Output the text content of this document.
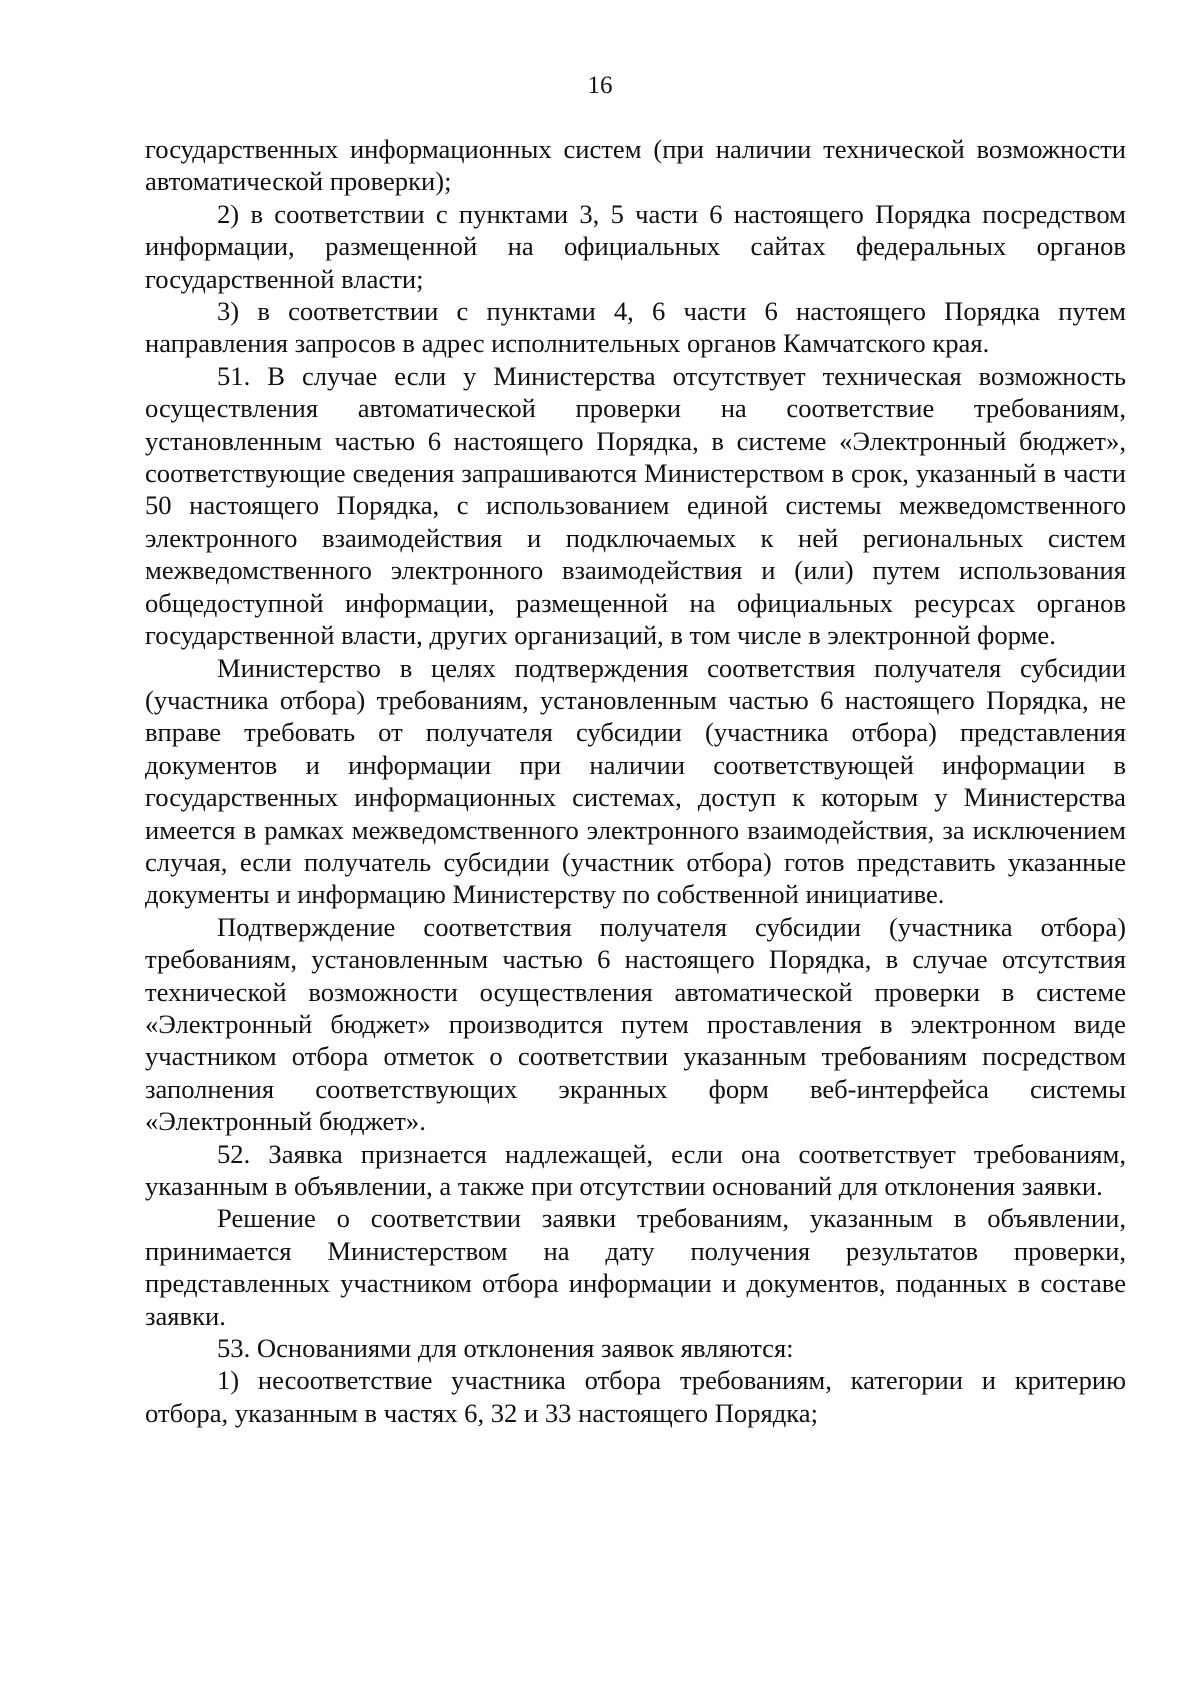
16

государственных информационных систем (при наличии технической возможности автоматической проверки);

2) в соответствии с пунктами 3, 5 части 6 настоящего Порядка посредством информации, размещенной на официальных сайтах федеральных органов государственной власти;

3) в соответствии с пунктами 4, 6 части 6 настоящего Порядка путем направления запросов в адрес исполнительных органов Камчатского края.

51. В случае если у Министерства отсутствует техническая возможность осуществления автоматической проверки на соответствие требованиям, установленным частью 6 настоящего Порядка, в системе «Электронный бюджет», соответствующие сведения запрашиваются Министерством в срок, указанный в части 50 настоящего Порядка, с использованием единой системы межведомственного электронного взаимодействия и подключаемых к ней региональных систем межведомственного электронного взаимодействия и (или) путем использования общедоступной информации, размещенной на официальных ресурсах органов государственной власти, других организаций, в том числе в электронной форме.

Министерство в целях подтверждения соответствия получателя субсидии (участника отбора) требованиям, установленным частью 6 настоящего Порядка, не вправе требовать от получателя субсидии (участника отбора) представления документов и информации при наличии соответствующей информации в государственных информационных системах, доступ к которым у Министерства имеется в рамках межведомственного электронного взаимодействия, за исключением случая, если получатель субсидии (участник отбора) готов представить указанные документы и информацию Министерству по собственной инициативе.

Подтверждение соответствия получателя субсидии (участника отбора) требованиям, установленным частью 6 настоящего Порядка, в случае отсутствия технической возможности осуществления автоматической проверки в системе «Электронный бюджет» производится путем проставления в электронном виде участником отбора отметок о соответствии указанным требованиям посредством заполнения соответствующих экранных форм веб-интерфейса системы «Электронный бюджет».

52. Заявка признается надлежащей, если она соответствует требованиям, указанным в объявлении, а также при отсутствии оснований для отклонения заявки.

Решение о соответствии заявки требованиям, указанным в объявлении, принимается Министерством на дату получения результатов проверки, представленных участником отбора информации и документов, поданных в составе заявки.

53. Основаниями для отклонения заявок являются:

1) несоответствие участника отбора требованиям, категории и критерию отбора, указанным в частях 6, 32 и 33 настоящего Порядка;
